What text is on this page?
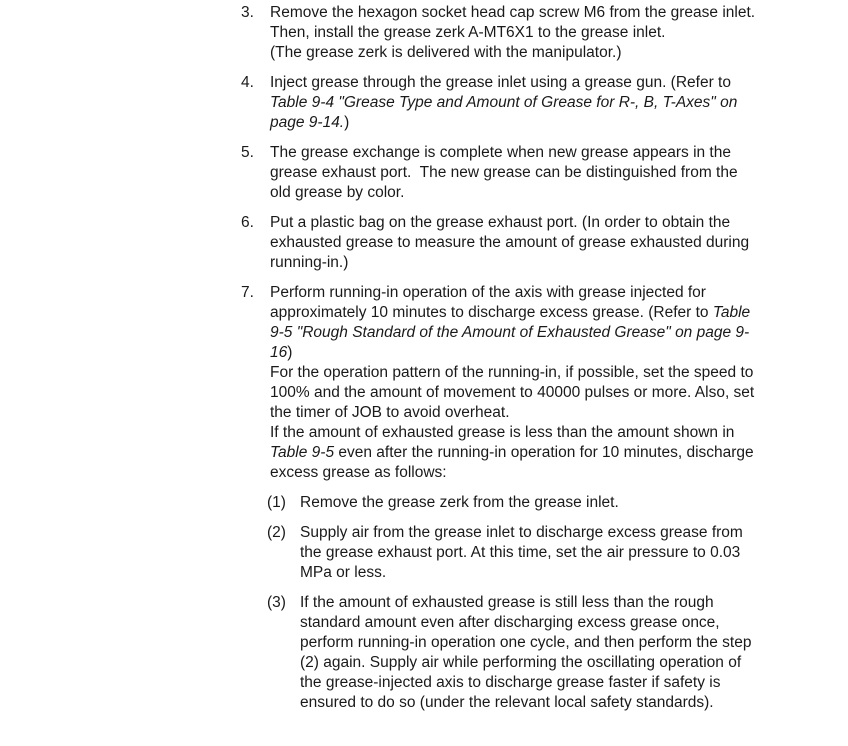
3. Remove the hexagon socket head cap screw M6 from the grease inlet.
Then, install the grease zerk A-MT6X1 to the grease inlet.
(The grease zerk is delivered with the manipulator.)
4. Inject grease through the grease inlet using a grease gun. (Refer to
Table 9-4 "Grease Type and Amount of Grease for R-, B, T-Axes" on
page 9-14.)
5. The grease exchange is complete when new grease appears in the
grease exhaust port.  The new grease can be distinguished from the
old grease by color.
6. Put a plastic bag on the grease exhaust port. (In order to obtain the
exhausted grease to measure the amount of grease exhausted during
running-in.)
7. Perform running-in operation of the axis with grease injected for
approximately 10 minutes to discharge excess grease. (Refer to Table
9-5 "Rough Standard of the Amount of Exhausted Grease" on page 9-
16)
For the operation pattern of the running-in, if possible, set the speed to
100% and the amount of movement to 40000 pulses or more. Also, set
the timer of JOB to avoid overheat.
If the amount of exhausted grease is less than the amount shown in
Table 9-5 even after the running-in operation for 10 minutes, discharge
excess grease as follows:
(1) Remove the grease zerk from the grease inlet.
(2) Supply air from the grease inlet to discharge excess grease from
the grease exhaust port. At this time, set the air pressure to 0.03
MPa or less.
(3) If the amount of exhausted grease is still less than the rough
standard amount even after discharging excess grease once,
perform running-in operation one cycle, and then perform the step
(2) again. Supply air while performing the oscillating operation of
the grease-injected axis to discharge grease faster if safety is
ensured to do so (under the relevant local safety standards).
